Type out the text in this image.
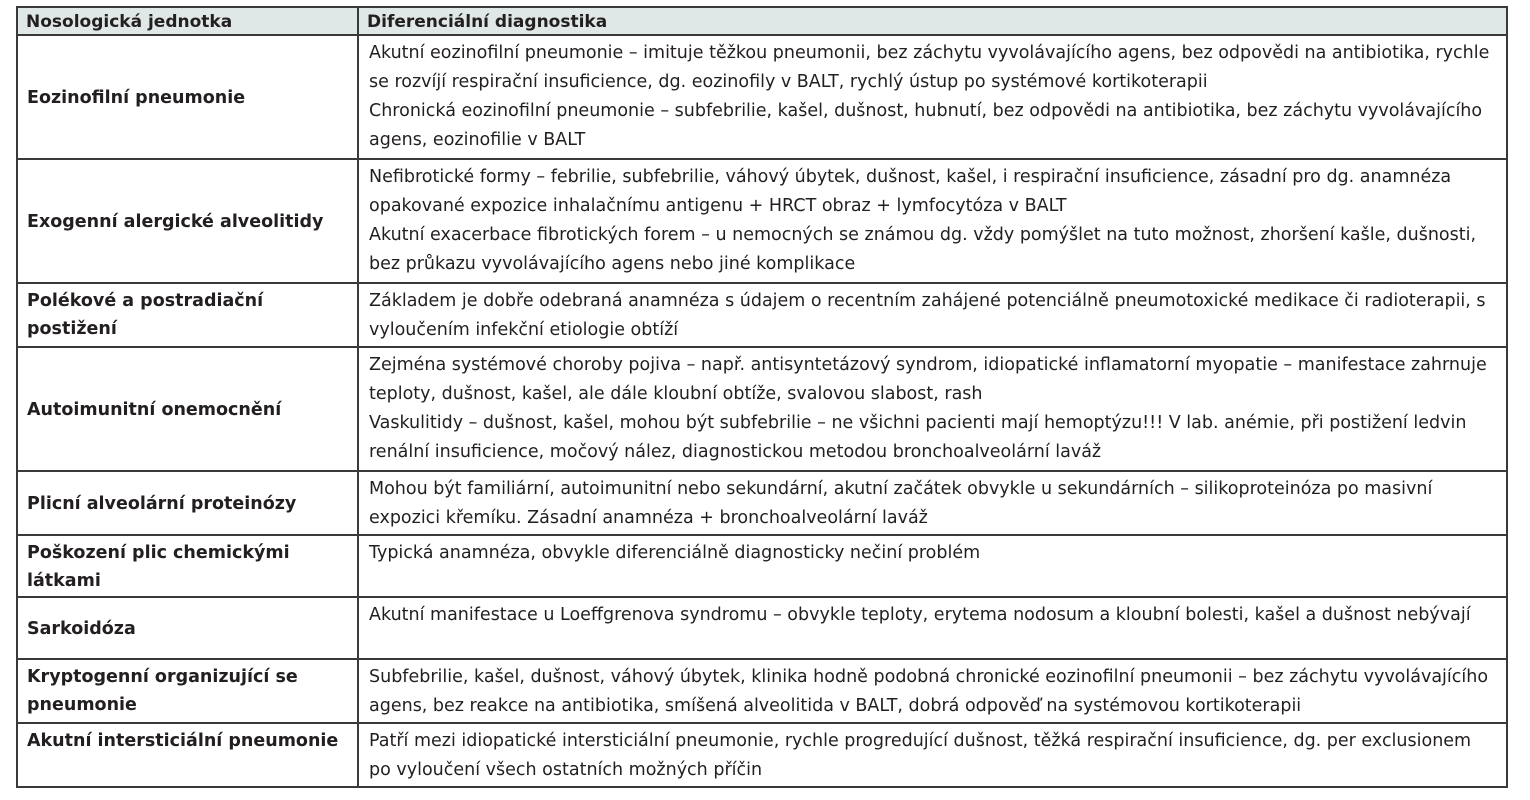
Nosologická jednotka	Diferenciální diagnostika
Eozinofilní pneumonie	Akutní eozinofilní pneumonie – imituje těžkou pneumonii, bez záchytu vyvolávajícího agens, bez odpovědi na antibiotika, rychle se rozvíjí respirační insuficience, dg. eozinofily v BALT, rychlý ústup po systémové kortikoterapii
Chronická eozinofilní pneumonie – subfebrilie, kašel, dušnost, hubnutí, bez odpovědi na antibiotika, bez záchytu vyvolávajícího agens, eozinofilie v BALT

Exogenní alergické alveolitidy	Nefibrotické formy – febrilie, subfebrilie, váhový úbytek, dušnost, kašel, i respirační insuficience, zásadní pro dg. anamnéza opakované expozice inhalačnímu antigenu + HRCT obraz + lymfocytóza v BALT
Akutní exacerbace fibrotických forem – u nemocných se známou dg. vždy pomýšlet na tuto možnost, zhoršení kašle, dušnosti, bez průkazu vyvolávajícího agens nebo jiné komplikace

Polékové a postradiační postižení	Základem je dobře odebraná anamnéza s údajem o recentním zahájené potenciálně pneumotoxické medikace či radioterapii, s vyloučením infekční etiologie obtíží

Autoimunitní onemocnění	Zejména systémové choroby pojiva – např. antisyntetázový syndrom, idiopatické inflamatorní myopatie – manifestace zahrnuje teploty, dušnost, kašel, ale dále kloubní obtíže, svalovou slabost, rash
Vaskulitidy – dušnost, kašel, mohou být subfebrilie – ne všichni pacienti mají hemoptýzu!!! V lab. anémie, při postižení ledvin renální insuficience, močový nález, diagnostickou metodou bronchoalveolární laváž

Plicní alveolární proteinózy	Mohou být familiární, autoimunitní nebo sekundární, akutní začátek obvykle u sekundárních – silikoproteinóza po masivní expozici křemíku. Zásadní anamnéza + bronchoalveolární laváž

Poškození plic chemickými látkami	Typická anamnéza, obvykle diferenciálně diagnosticky nečiní problém

Sarkoidóza	Akutní manifestace u Loeffgrenova syndromu – obvykle teploty, erytema nodosum a kloubní bolesti, kašel a dušnost nebývají

Kryptogenní organizující se pneumonie	Subfebrilie, kašel, dušnost, váhový úbytek, klinika hodně podobná chronické eozinofilní pneumonii – bez záchytu vyvolávajícího agens, bez reakce na antibiotika, smíšená alveolitida v BALT, dobrá odpověď na systémovou kortikoterapii

Akutní intersticiální pneumonie	Patří mezi idiopatické intersticiální pneumonie, rychle progredující dušnost, těžká respirační insuficience, dg. per exclusionem po vyloučení všech ostatních možných příčin
